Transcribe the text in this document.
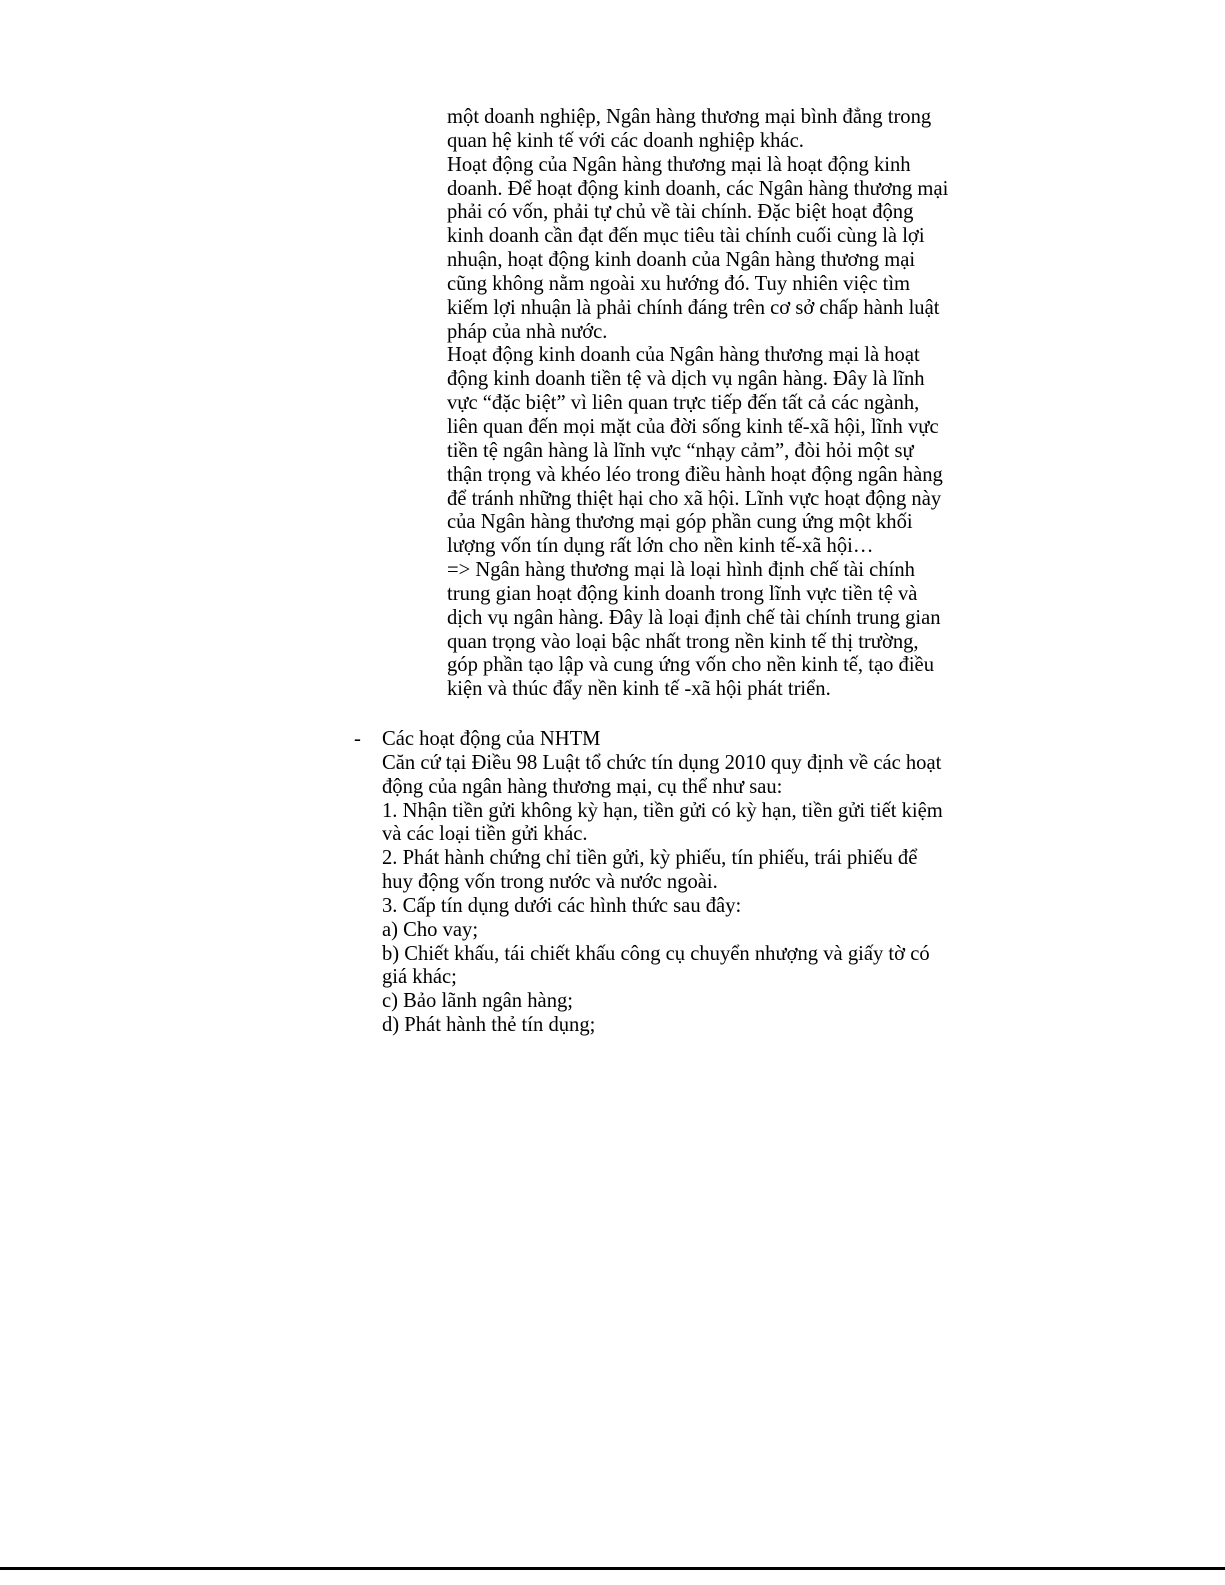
một doanh nghiệp, Ngân hàng thương mại bình đẳng trong

quan hệ kinh tế với các doanh nghiệp khác.

Hoạt động của Ngân hàng thương mại là hoạt động kinh

doanh. Để hoạt động kinh doanh, các Ngân hàng thương mại

phải có vốn, phải tự chủ về tài chính. Đặc biệt hoạt động

kinh doanh cần đạt đến mục tiêu tài chính cuối cùng là lợi

nhuận, hoạt động kinh doanh của Ngân hàng thương mại

cũng không nằm ngoài xu hướng đó. Tuy nhiên việc tìm

kiếm lợi nhuận là phải chính đáng trên cơ sở chấp hành luật

pháp của nhà nước.

Hoạt động kinh doanh của Ngân hàng thương mại là hoạt

động kinh doanh tiền tệ và dịch vụ ngân hàng. Đây là lĩnh

vực “đặc biệt” vì liên quan trực tiếp đến tất cả các ngành,

liên quan đến mọi mặt của đời sống kinh tế-xã hội, lĩnh vực

tiền tệ ngân hàng là lĩnh vực “nhạy cảm”, đòi hỏi một sự

thận trọng và khéo léo trong điều hành hoạt động ngân hàng

để tránh những thiệt hại cho xã hội. Lĩnh vực hoạt động này

của Ngân hàng thương mại góp phần cung ứng một khối

lượng vốn tín dụng rất lớn cho nền kinh tế-xã hội…

=> Ngân hàng thương mại là loại hình định chế tài chính

trung gian hoạt động kinh doanh trong lĩnh vực tiền tệ và

dịch vụ ngân hàng. Đây là loại định chế tài chính trung gian

quan trọng vào loại bậc nhất trong nền kinh tế thị trường,

góp phần tạo lập và cung ứng vốn cho nền kinh tế, tạo điều

kiện và thúc đẩy nền kinh tế -xã hội phát triển.

- Các hoạt động của NHTM

Căn cứ tại Điều 98 Luật tổ chức tín dụng 2010 quy định về các hoạt

động của ngân hàng thương mại, cụ thể như sau:

1. Nhận tiền gửi không kỳ hạn, tiền gửi có kỳ hạn, tiền gửi tiết kiệm

và các loại tiền gửi khác.

2. Phát hành chứng chỉ tiền gửi, kỳ phiếu, tín phiếu, trái phiếu để

huy động vốn trong nước và nước ngoài.

3. Cấp tín dụng dưới các hình thức sau đây:

a) Cho vay;

b) Chiết khấu, tái chiết khấu công cụ chuyển nhượng và giấy tờ có

giá khác;

c) Bảo lãnh ngân hàng;

d) Phát hành thẻ tín dụng;
